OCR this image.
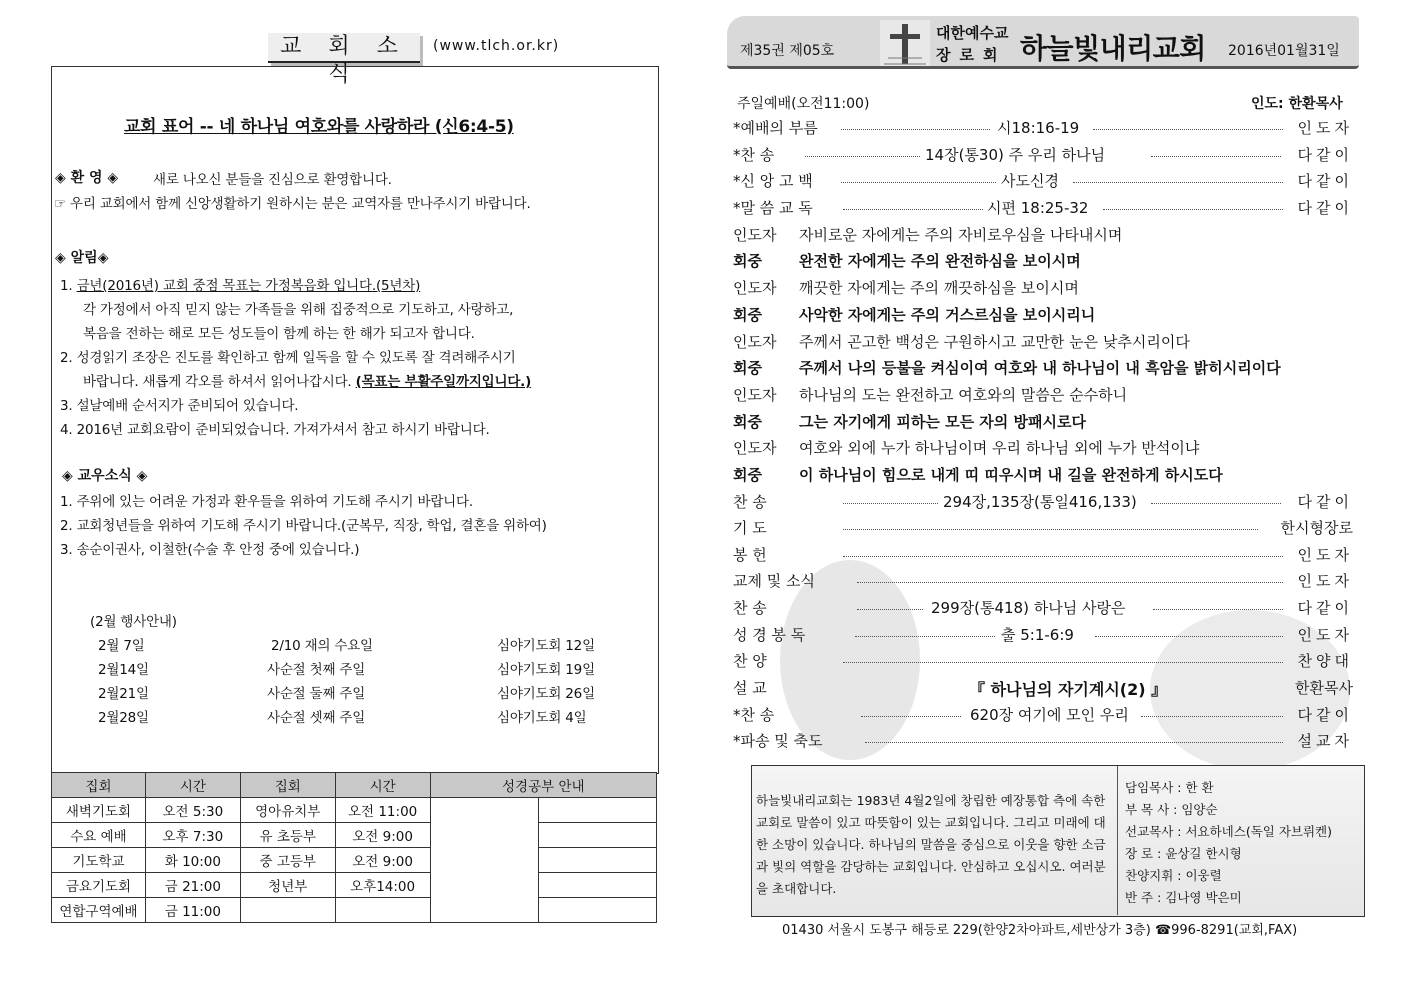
교 회 소 식
(www.tlch.or.kr)
교회 표어 -- 네 하나님 여호와를 사랑하라 (신6:4-5)
◈ 환 영 ◈	새로 나오신 분들을 진심으로 환영합니다.
☞ 우리 교회에서 함께 신앙생활하기 원하시는 분은 교역자를 만나주시기 바랍니다.
◈ 알림◈
1. 금년(2016년) 교회 중점 목표는 가정복음화 입니다.(5년차)
각 가정에서 아직 믿지 않는 가족들을 위해 집중적으로 기도하고, 사랑하고,
복음을 전하는 해로 모든 성도들이 함께 하는 한 해가 되고자 합니다.
2. 성경읽기 조장은 진도를 확인하고 함께 일독을 할 수 있도록 잘 격려해주시기
바랍니다. 새롭게 각오를 하셔서 읽어나갑시다. (목표는 부활주일까지입니다.)
3. 설날예배 순서지가 준비되어 있습니다.
4. 2016년 교회요람이 준비되었습니다. 가져가셔서 참고 하시기 바랍니다.
◈ 교우소식 ◈
1. 주위에 있는 어려운 가정과 환우들을 위하여 기도해 주시기 바랍니다.
2. 교회청년들을 위하여 기도해 주시기 바랍니다.(군복무, 직장, 학업, 결혼을 위하여)
3. 송순이권사, 이철한(수술 후 안정 중에 있습니다.)
(2월 행사안내)
2월 7일	2/10 재의 수요일	심야기도회 12일
2월14일	사순절 첫째 주일	심야기도회 19일
2월21일	사순절 둘째 주일	심야기도회 26일
2월28일	사순절 셋째 주일	심야기도회 4일
집회	시간	집회	시간	성경공부 안내	
새벽기도회	오전 5:30	영아유치부	오전 11:00		
수요 예배	오후 7:30	유 초등부	오전 9:00		
기도학교	화 10:00	중 고등부	오전 9:00		
금요기도회	금 21:00	청년부	오후14:00		
연합구역예배	금 11:00				
제35권 제05호
대한예수교
장로회 하늘빛내리교회 2016년01월31일
주일예배(오전11:00)	인도: 한환목사
*예배의 부름	시18:16-19	인도자
*찬 송	14장(통30) 주 우리 하나님	다같이
*신 앙 고 백	사도신경	다같이
*말 씀 교 독	시편 18:25-32	다같이
인도자 자비로운 자에게는 주의 자비로우심을 나타내시며
회중 완전한 자에게는 주의 완전하심을 보이시며
인도자 깨끗한 자에게는 주의 깨끗하심을 보이시며
회중 사악한 자에게는 주의 거스르심을 보이시리니
인도자 주께서 곤고한 백성은 구원하시고 교만한 눈은 낮추시리이다
회중 주께서 나의 등불을 켜심이여 여호와 내 하나님이 내 흑암을 밝히시리이다
인도자 하나님의 도는 완전하고 여호와의 말씀은 순수하니
회중 그는 자기에게 피하는 모든 자의 방패시로다
인도자 여호와 외에 누가 하나님이며 우리 하나님 외에 누가 반석이냐
회중 이 하나님이 힘으로 내게 띠 띠우시며 내 길을 완전하게 하시도다
찬 송	294장,135장(통일416,133)	다같이
기 도	한시형장로
봉 헌	인도자
교제 및 소식	인도자
찬 송	299장(통418) 하나님 사랑은	다같이
성 경 봉 독	출 5:1-6:9	인도자
찬 양	찬양대
설 교	『 하나님의 자기계시(2) 』	한환목사
*찬 송	620장 여기에 모인 우리	다같이
*파송 및 축도	설교자
하늘빛내리교회는 1983년 4월2일에 창립한 예장통합 측에 속한 교회로 말씀이 있고 따뜻함이 있는 교회입니다. 그리고 미래에 대한 소망이 있습니다. 하나님의 말씀을 중심으로 이웃을 향한 소금과 빛의 역할을 감당하는 교회입니다. 안심하고 오십시오. 여러분을 초대합니다.
담임목사 : 한 환
부 목 사 : 임양순
선교목사 : 서요하네스(독일 자브뤼켄)
장 로 : 윤상길 한시형
찬양지휘 : 이웅렬
반 주 : 김나영 박은미
01430 서울시 도봉구 해등로 229(한양2차아파트,세반상가 3층) ☎996-8291(교회,FAX)
